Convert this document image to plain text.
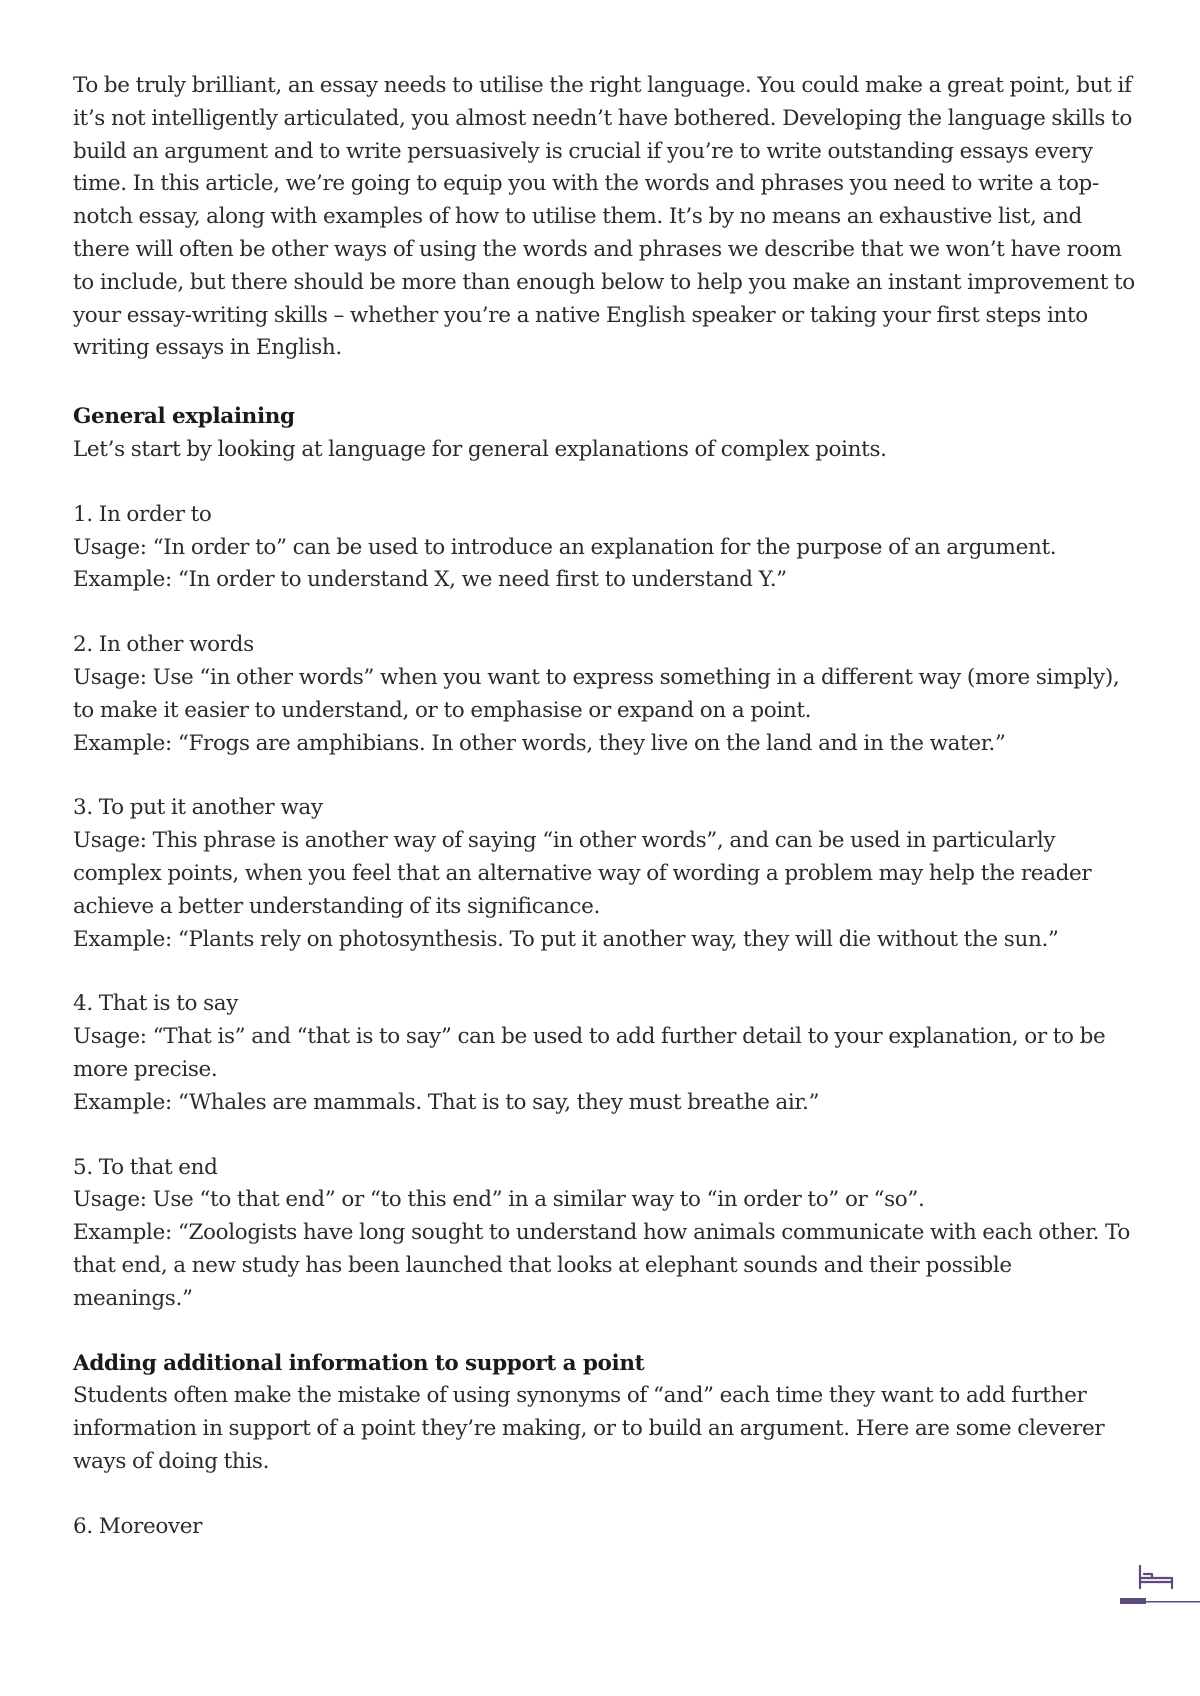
To be truly brilliant, an essay needs to utilise the right language. You could make a great point, but if it’s not intelligently articulated, you almost needn’t have bothered. Developing the language skills to build an argument and to write persuasively is crucial if you’re to write outstanding essays every time. In this article, we’re going to equip you with the words and phrases you need to write a top-notch essay, along with examples of how to utilise them. It’s by no means an exhaustive list, and there will often be other ways of using the words and phrases we describe that we won’t have room to include, but there should be more than enough below to help you make an instant improvement to your essay-writing skills – whether you’re a native English speaker or taking your first steps into writing essays in English.

General explaining

Let’s start by looking at language for general explanations of complex points.

1. In order to
Usage: “In order to” can be used to introduce an explanation for the purpose of an argument.
Example: “In order to understand X, we need first to understand Y.”
2. In other words
Usage: Use “in other words” when you want to express something in a different way (more simply), to make it easier to understand, or to emphasise or expand on a point.
Example: “Frogs are amphibians. In other words, they live on the land and in the water.”
3. To put it another way
Usage: This phrase is another way of saying “in other words”, and can be used in particularly complex points, when you feel that an alternative way of wording a problem may help the reader achieve a better understanding of its significance.
Example: “Plants rely on photosynthesis. To put it another way, they will die without the sun.”
4. That is to say
Usage: “That is” and “that is to say” can be used to add further detail to your explanation, or to be more precise.
Example: “Whales are mammals. That is to say, they must breathe air.”
5. To that end
Usage: Use “to that end” or “to this end” in a similar way to “in order to” or “so”.
Example: “Zoologists have long sought to understand how animals communicate with each other. To that end, a new study has been launched that looks at elephant sounds and their possible meanings.”

Adding additional information to support a point

Students often make the mistake of using synonyms of “and” each time they want to add further information in support of a point they’re making, or to build an argument. Here are some cleverer ways of doing this.

6. Moreover
